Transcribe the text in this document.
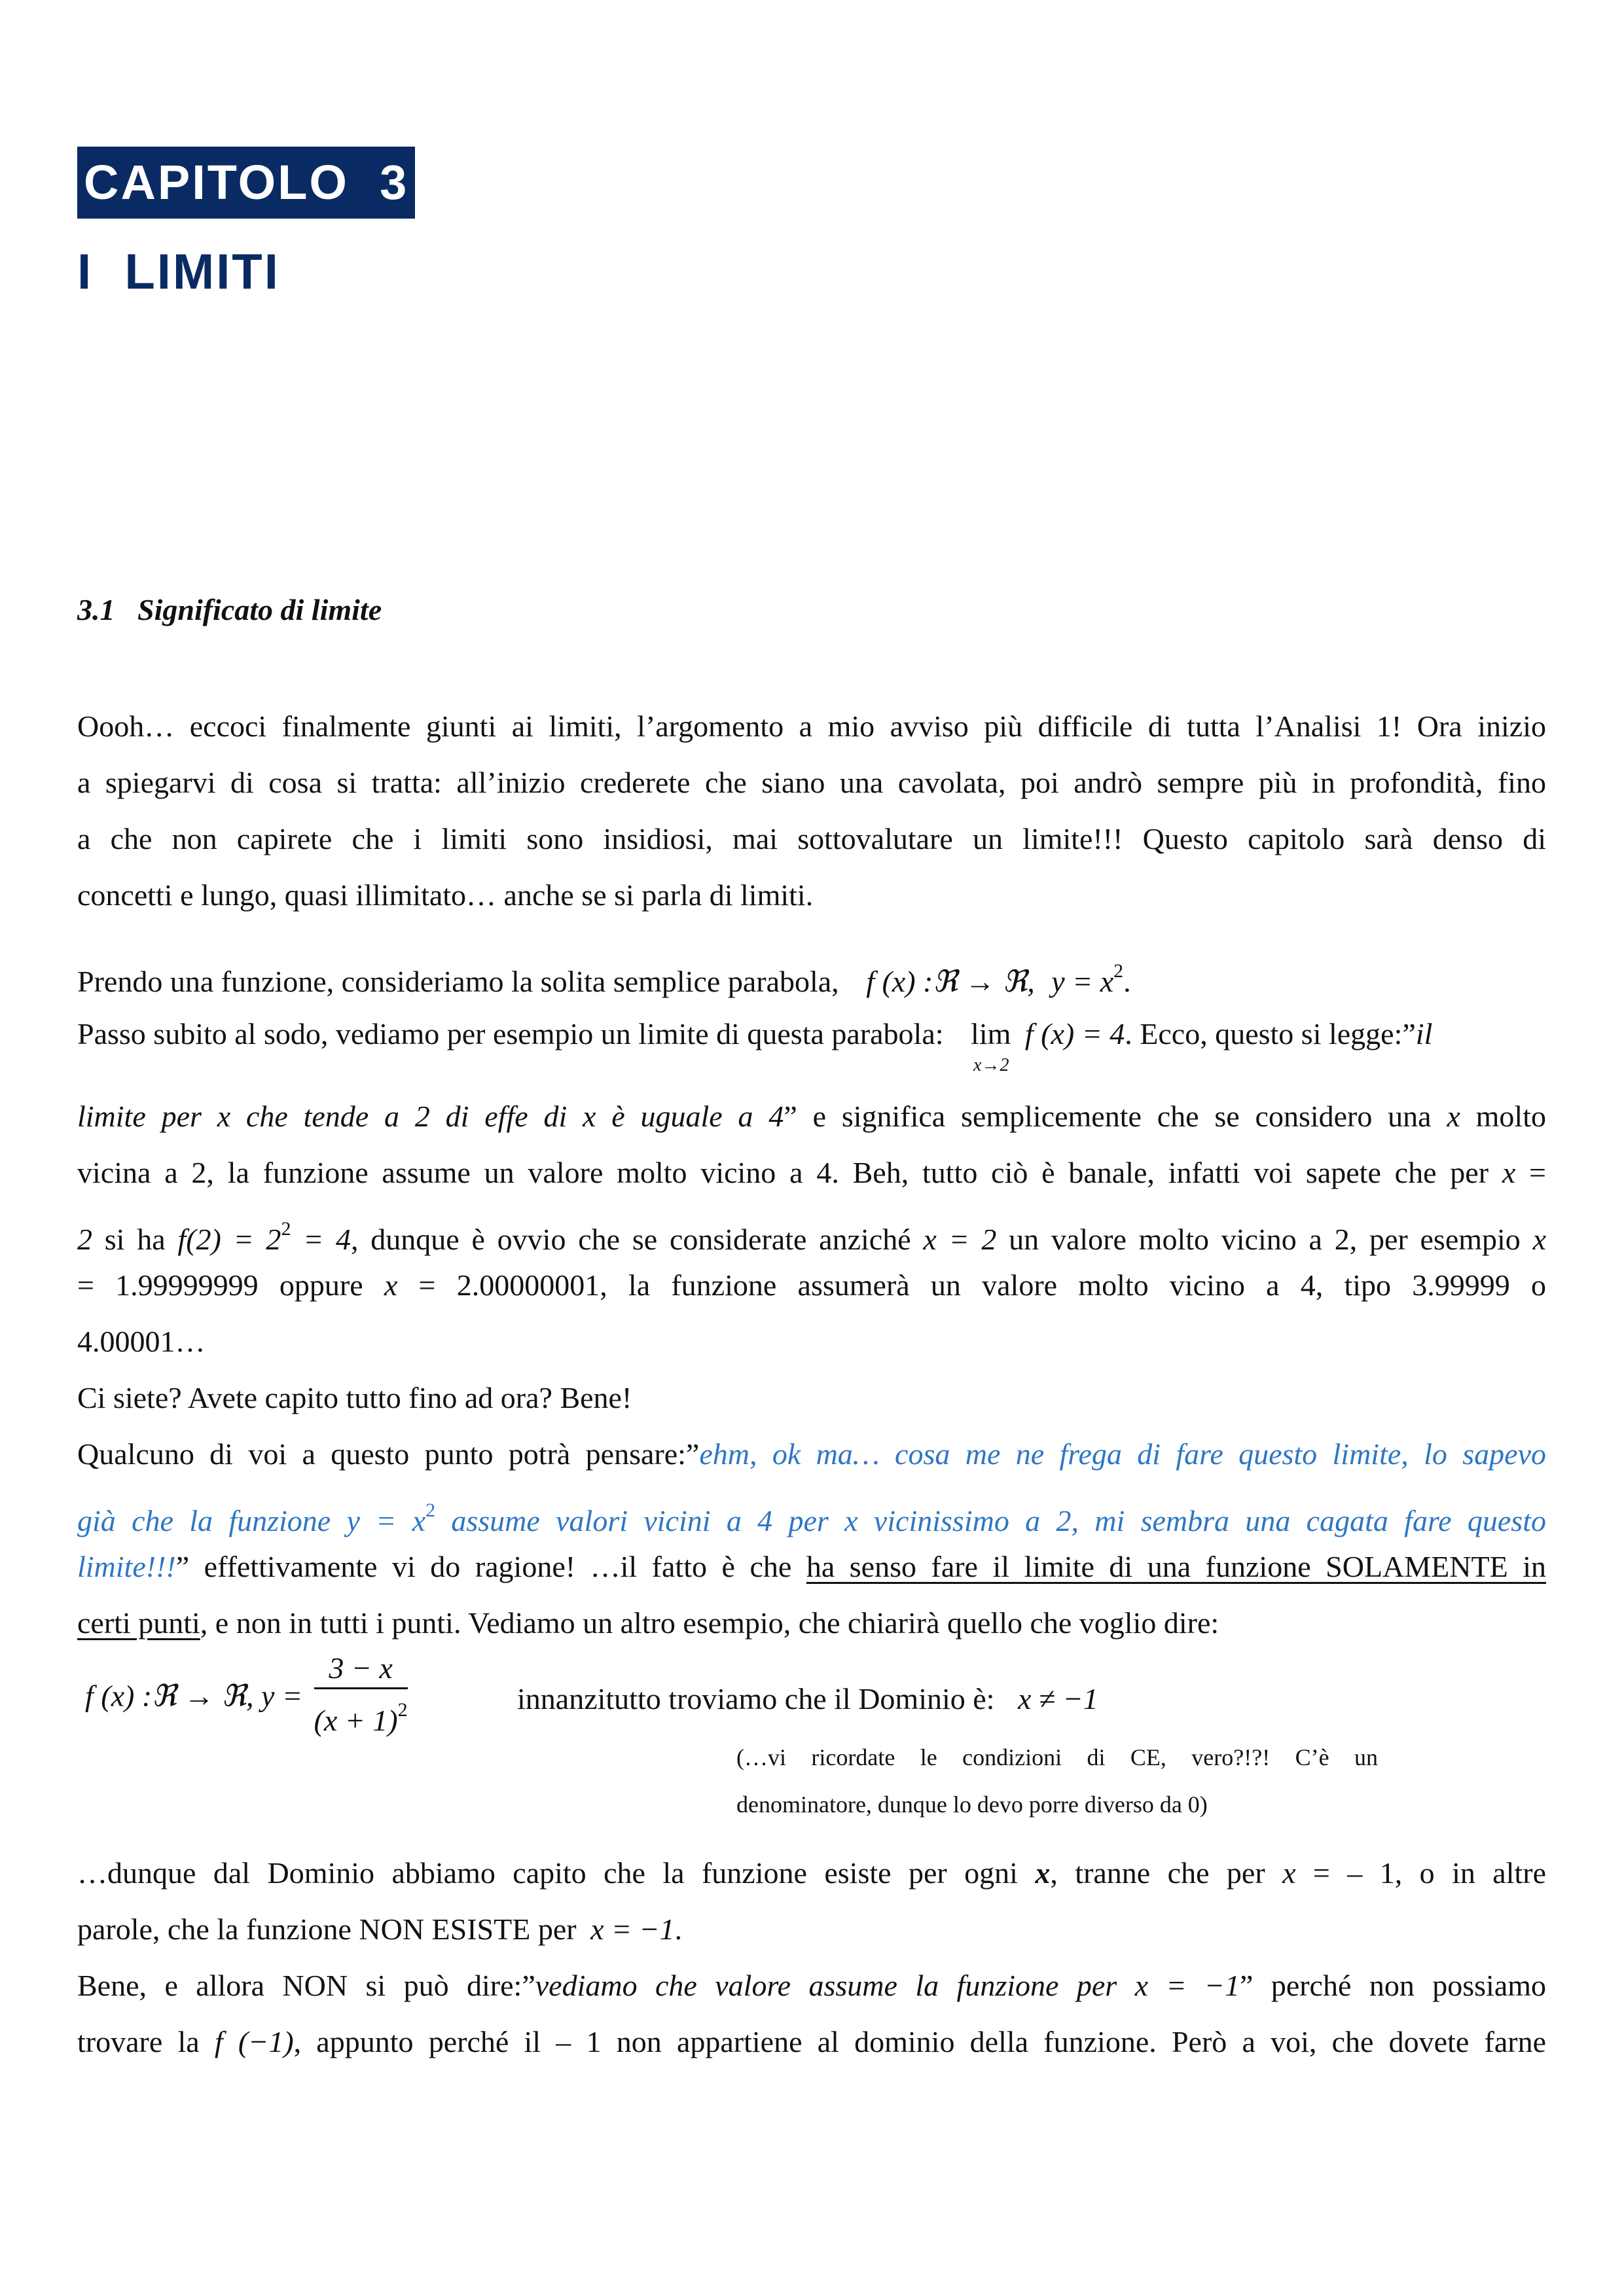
CAPITOLO  3
I  LIMITI
3.1   Significato di limite
Oooh… eccoci finalmente giunti ai limiti, l’argomento a mio avviso più difficile di tutta l’Analisi 1! Ora inizio
a spiegarvi di cosa si tratta: all’inizio crederete che siano una cavolata, poi andrò sempre più in profondità, fino
a che non capirete che i limiti sono insidiosi, mai sottovalutare un limite!!! Questo capitolo sarà denso di
concetti e lungo, quasi illimitato… anche se si parla di limiti.
Prendo una funzione, consideriamo la solita semplice parabola, f (x) :ℜ → ℜ, $y = x^2$.
Passo subito al sodo, vediamo per esempio un limite di questa parabola: lim
x→2
f (x) = 4. Ecco, questo si legge:”il
limite per x che tende a 2 di effe di x è uguale a 4” e significa semplicemente che se considero una x molto
vicina a 2, la funzione assume un valore molto vicino a 4. Beh, tutto ciò è banale, infatti voi sapete che per x =
2 si ha $f(2) = 2^2 = 4$, dunque è ovvio che se considerate anziché x = 2 un valore molto vicino a 2, per esempio x
= 1.99999999 oppure x = 2.00000001, la funzione assumerà un valore molto vicino a 4, tipo 3.99999 o
4.00001…
Ci siete? Avete capito tutto fino ad ora? Bene!
Qualcuno di voi a questo punto potrà pensare:”ehm, ok ma… cosa me ne frega di fare questo limite, lo sapevo
già che la funzione $y = x^2$ assume valori vicini a 4 per x vicinissimo a 2, mi sembra una cagata fare questo
limite!!!” effettivamente vi do ragione! …il fatto è che ha senso fare il limite di una funzione SOLAMENTE in
certi punti, e non in tutti i punti. Vediamo un altro esempio, che chiarirà quello che voglio dire:
f (x) :ℜ → ℜ, $y = \frac{3 - x}{(x + 1)^2}$	innanzitutto troviamo che il Dominio è: x ≠ −1
(…vi ricordate le condizioni di CE, vero?!?! C’è un
denominatore, dunque lo devo porre diverso da 0)
…dunque dal Dominio abbiamo capito che la funzione esiste per ogni x, tranne che per x = – 1, o in altre
parole, che la funzione NON ESISTE per x = −1.
Bene, e allora NON si può dire:”vediamo che valore assume la funzione per x = −1” perché non possiamo
trovare la f (−1), appunto perché il – 1 non appartiene al dominio della funzione. Però a voi, che dovete farne
